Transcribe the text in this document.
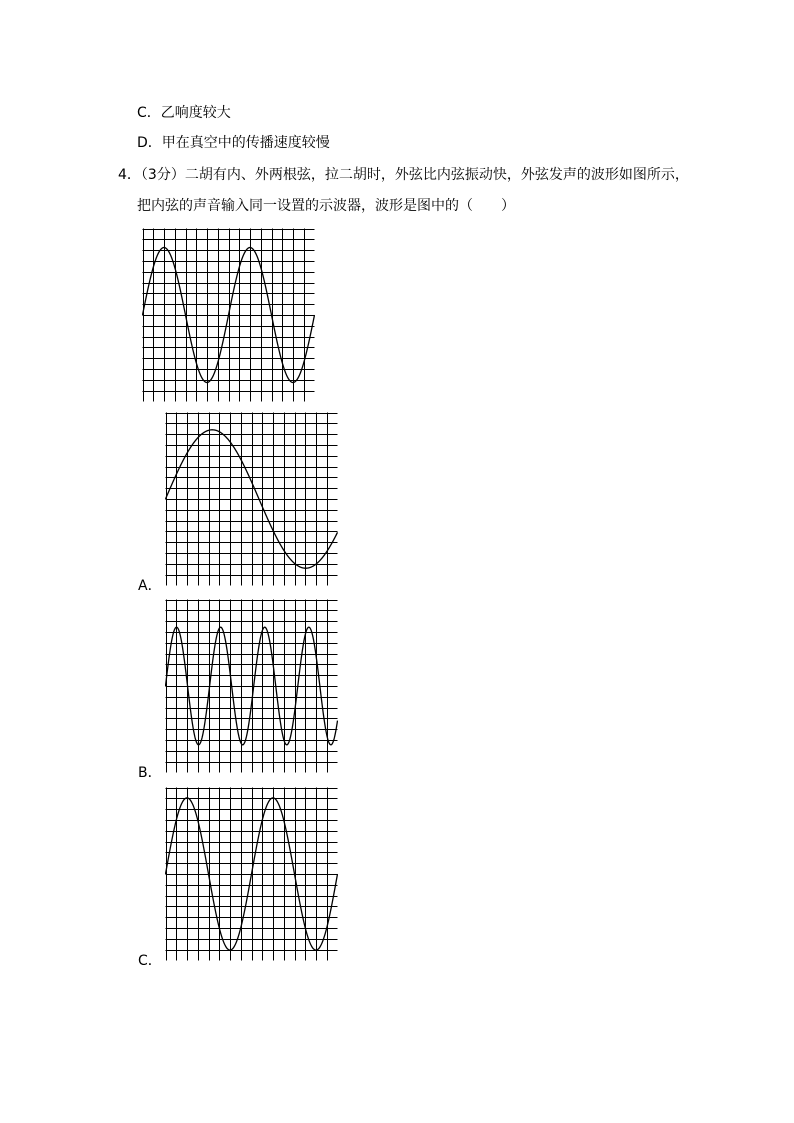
C．乙响度较大
D．甲在真空中的传播速度较慢
4．（3分）二胡有内、外两根弦，拉二胡时，外弦比内弦振动快，外弦发声的波形如图所示，
把内弦的声音输入同一设置的示波器，波形是图中的（　　）
A．
B．
C．
